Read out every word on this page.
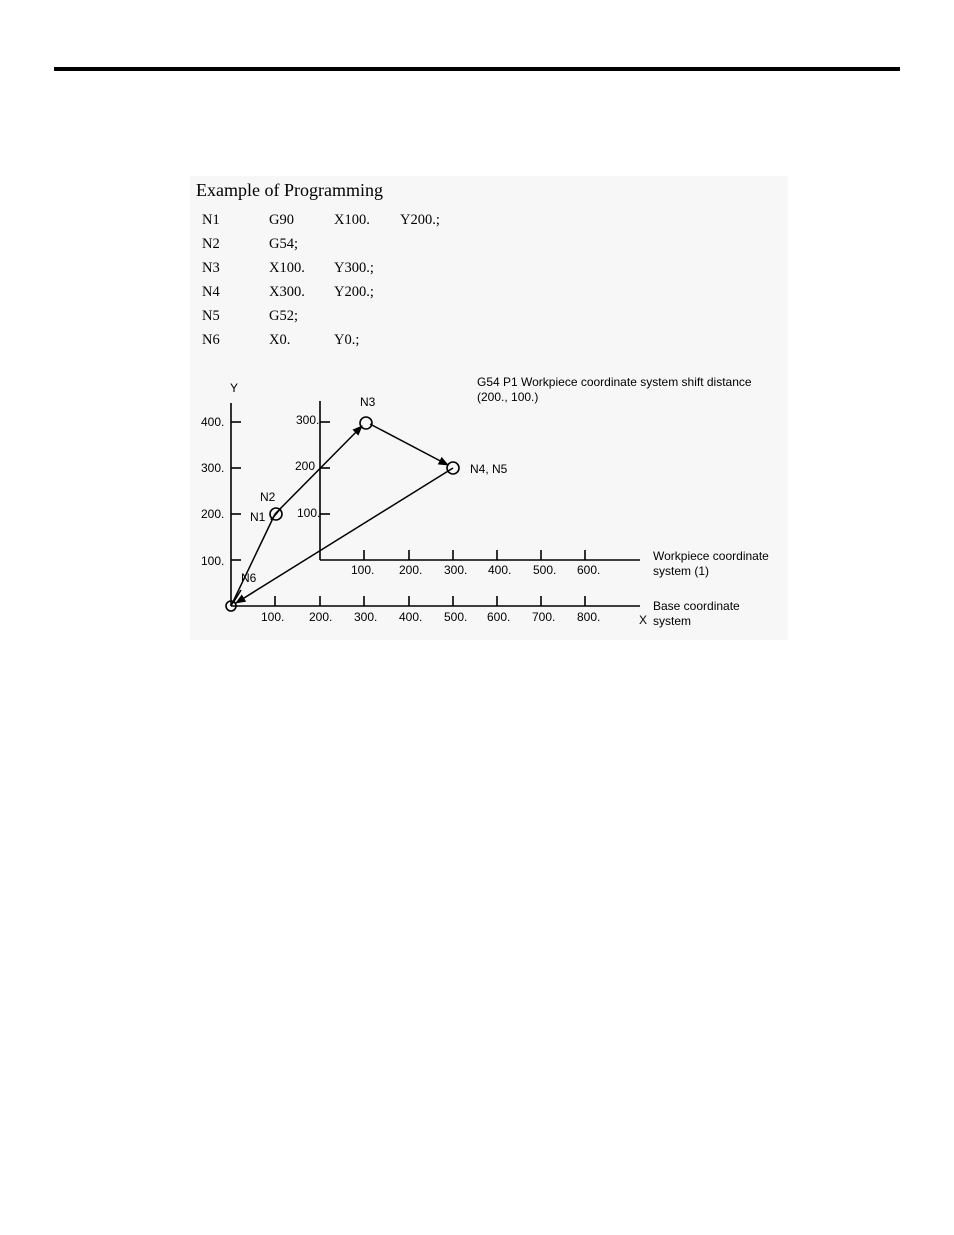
Example of Programming
N1	G90	X100. Y200.;
N2	G54;
N3	X100. Y300.;
N4	X300. Y200.;
N5	G52;
N6	X0.	Y0.;
Y
400.
300.
200.
100.
100. 200. 300. 400. 500. 600. 700. 800.	X
300.
200
100.
100. 200. 300. 400. 500. 600.
N3
N4, N5
N2
N1
N6
G54 P1 Workpiece coordinate system shift distance
(200., 100.)
Workpiece coordinate
system (1)
Base coordinate
system
